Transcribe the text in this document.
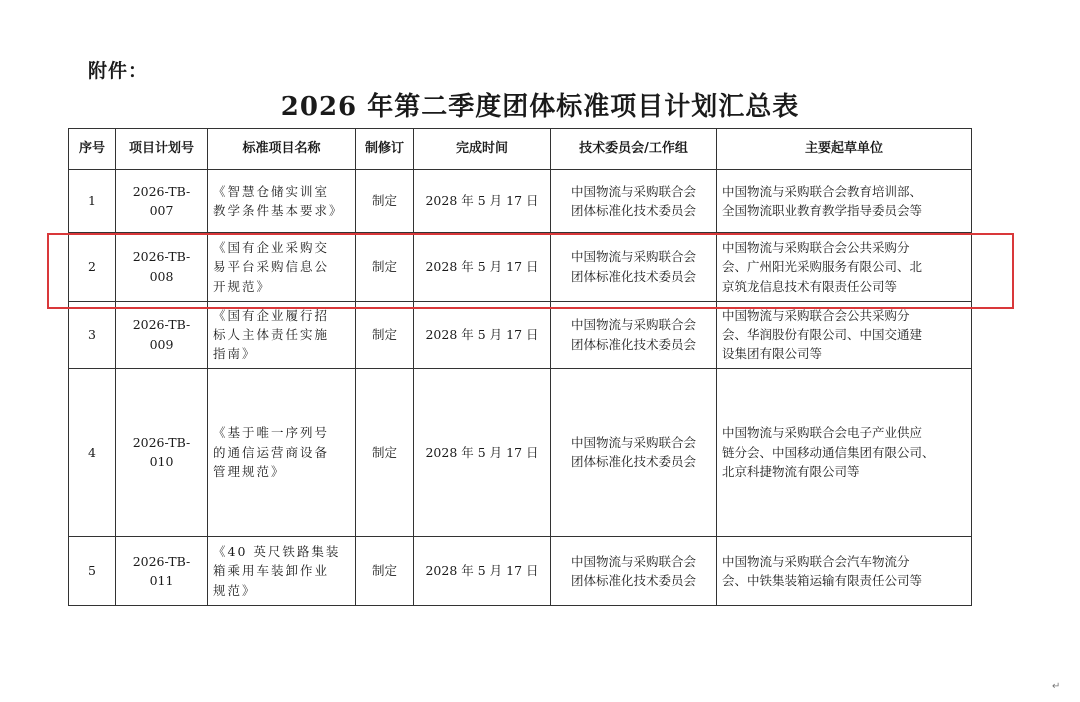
附件：
2026 年第二季度团体标准项目计划汇总表
序号	项目计划号	标准项目名称	制修订	完成时间	技术委员会/工作组	主要起草单位
1	2026-TB-007	《智慧仓储实训室
教学条件基本要求》	制定	2028 年 5 月 17 日	中国物流与采购联合会
团体标准化技术委员会	中国物流与采购联合会教育培训部、
全国物流职业教育教学指导委员会等
2	2026-TB-008	《国有企业采购交
易平台采购信息公
开规范》	制定	2028 年 5 月 17 日	中国物流与采购联合会
团体标准化技术委员会	中国物流与采购联合会公共采购分
会、广州阳光采购服务有限公司、北
京筑龙信息技术有限责任公司等
3	2026-TB-009	《国有企业履行招
标人主体责任实施
指南》	制定	2028 年 5 月 17 日	中国物流与采购联合会
团体标准化技术委员会	中国物流与采购联合会公共采购分
会、华润股份有限公司、中国交通建
设集团有限公司等
4	2026-TB-010	《基于唯一序列号
的通信运营商设备
管理规范》	制定	2028 年 5 月 17 日	中国物流与采购联合会
团体标准化技术委员会	中国物流与采购联合会电子产业供应
链分会、中国移动通信集团有限公司、
北京科捷物流有限公司等
5	2026-TB-011	《40 英尺铁路集装
箱乘用车装卸作业
规范》	制定	2028 年 5 月 17 日	中国物流与采购联合会
团体标准化技术委员会	中国物流与采购联合会汽车物流分
会、中铁集装箱运输有限责任公司等
↵
